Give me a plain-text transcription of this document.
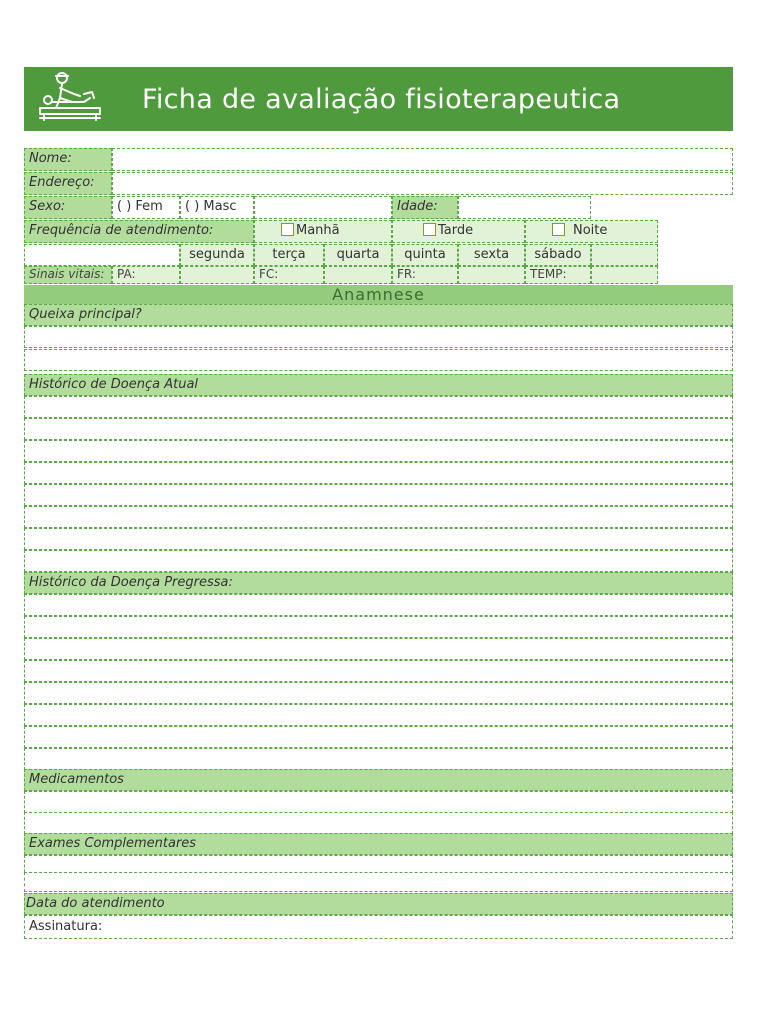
Ficha de avaliação fisioterapeutica
Nome:
Endereço:
Sexo:	( ) Fem	( ) Masc	Idade:
Frequência de atendimento:	Manhã	Tarde	Noite
segunda	terça	quarta	quinta	sexta	sábado
Sinais vitais:	PA:	FC:	FR:	TEMP:
Anamnese
Queixa principal?
Histórico de Doença Atual
Histórico da Doença Pregressa:
Medicamentos
Exames Complementares
Data do atendimento
Assinatura:
